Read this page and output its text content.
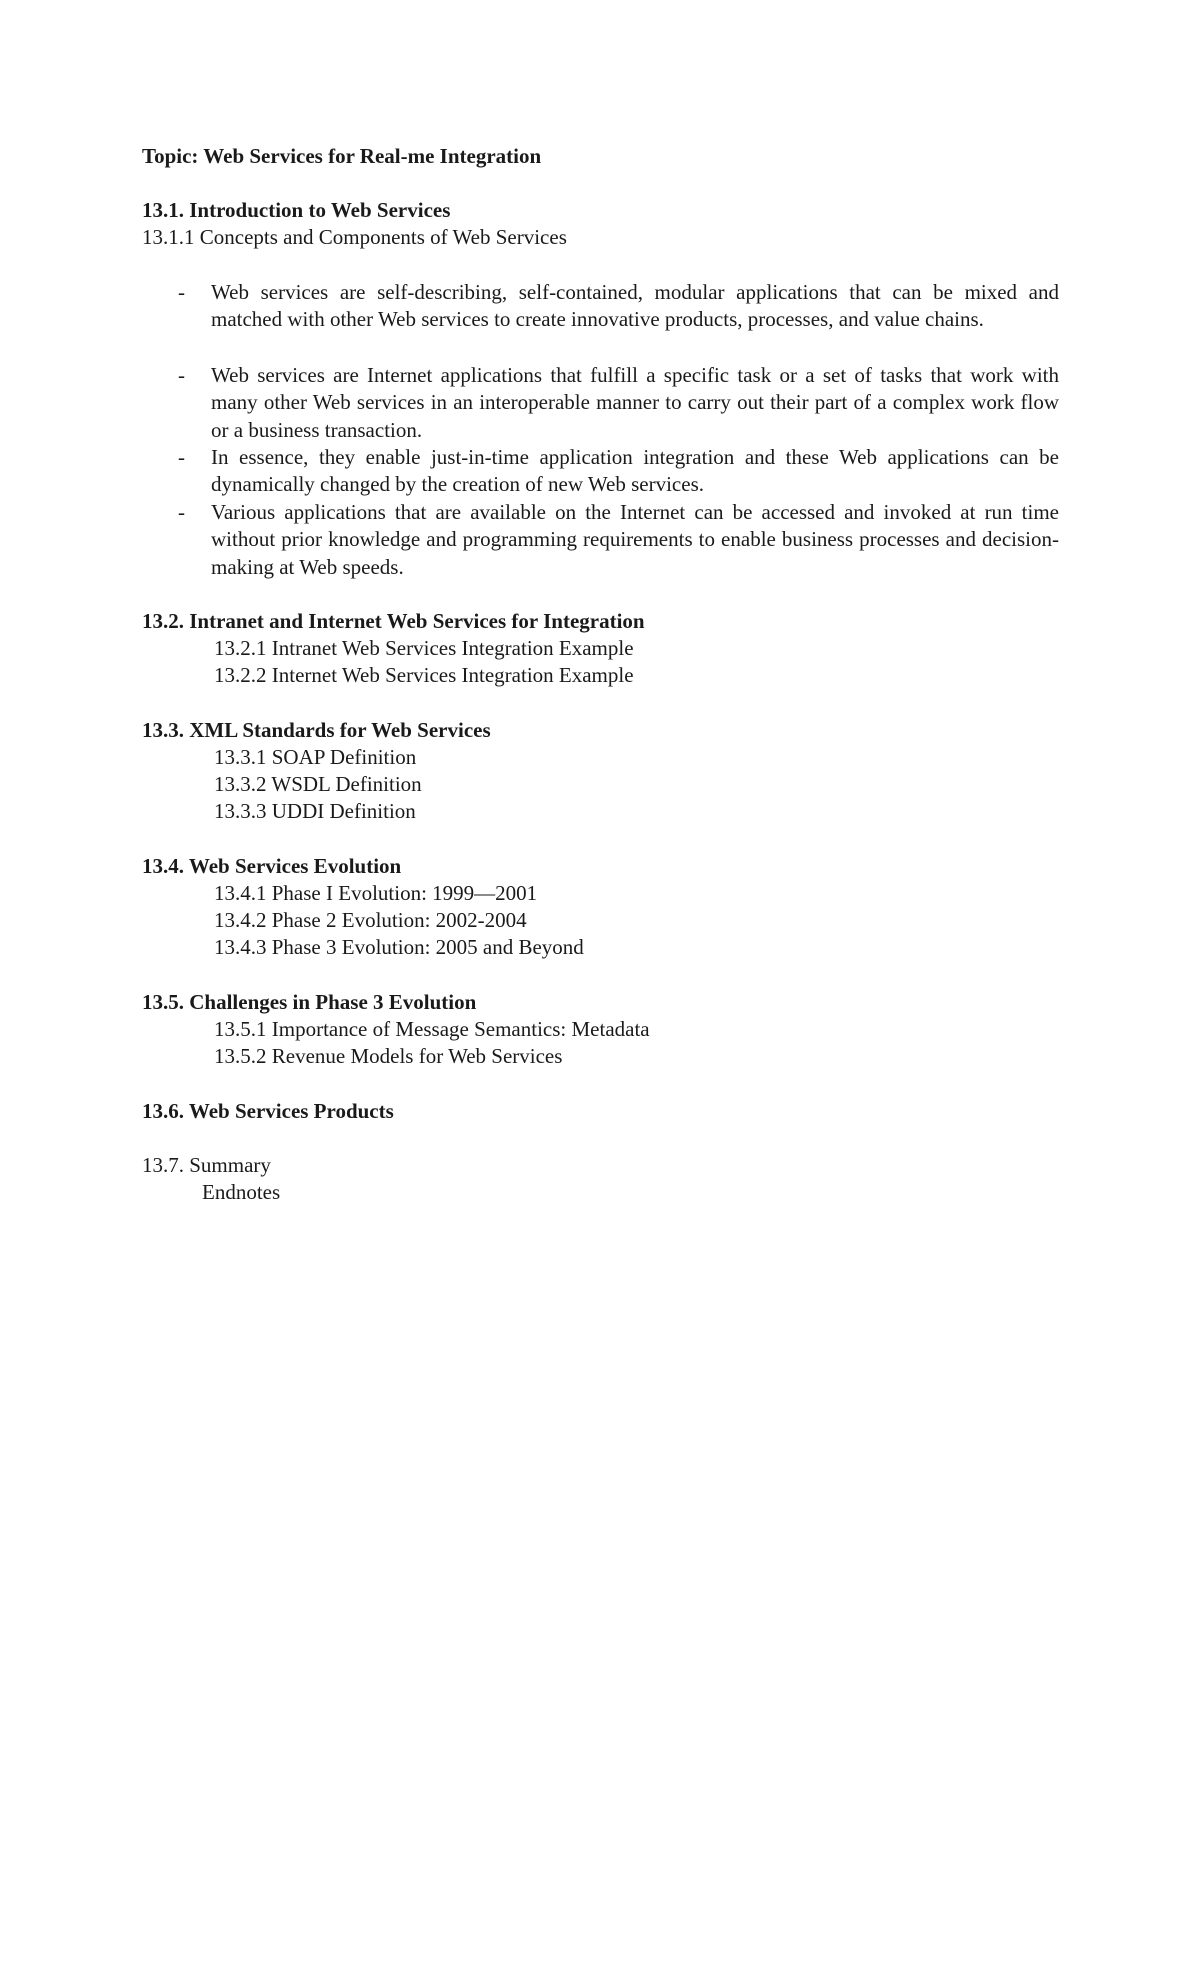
Topic: Web Services for Real-me Integration
13.1. Introduction to Web Services
13.1.1 Concepts and Components of Web Services
- Web services are self-describing, self-contained, modular applications that can be mixed and matched with other Web services to create innovative products, processes, and value chains.
- Web services are Internet applications that fulfill a specific task or a set of tasks that work with many other Web services in an interoperable manner to carry out their part of a complex work flow or a business transaction.
- In essence, they enable just-in-time application integration and these Web applications can be dynamically changed by the creation of new Web services.
- Various applications that are available on the Internet can be accessed and invoked at run time without prior knowledge and programming requirements to enable business processes and decision-making at Web speeds.
13.2. Intranet and Internet Web Services for Integration
13.2.1 Intranet Web Services Integration Example
13.2.2 Internet Web Services Integration Example
13.3. XML Standards for Web Services
13.3.1 SOAP Definition
13.3.2 WSDL Definition
13.3.3 UDDI Definition
13.4. Web Services Evolution
13.4.1 Phase I Evolution: 1999—2001
13.4.2 Phase 2 Evolution: 2002-2004
13.4.3 Phase 3 Evolution: 2005 and Beyond
13.5. Challenges in Phase 3 Evolution
13.5.1 Importance of Message Semantics: Metadata
13.5.2 Revenue Models for Web Services
13.6. Web Services Products
13.7. Summary
Endnotes
